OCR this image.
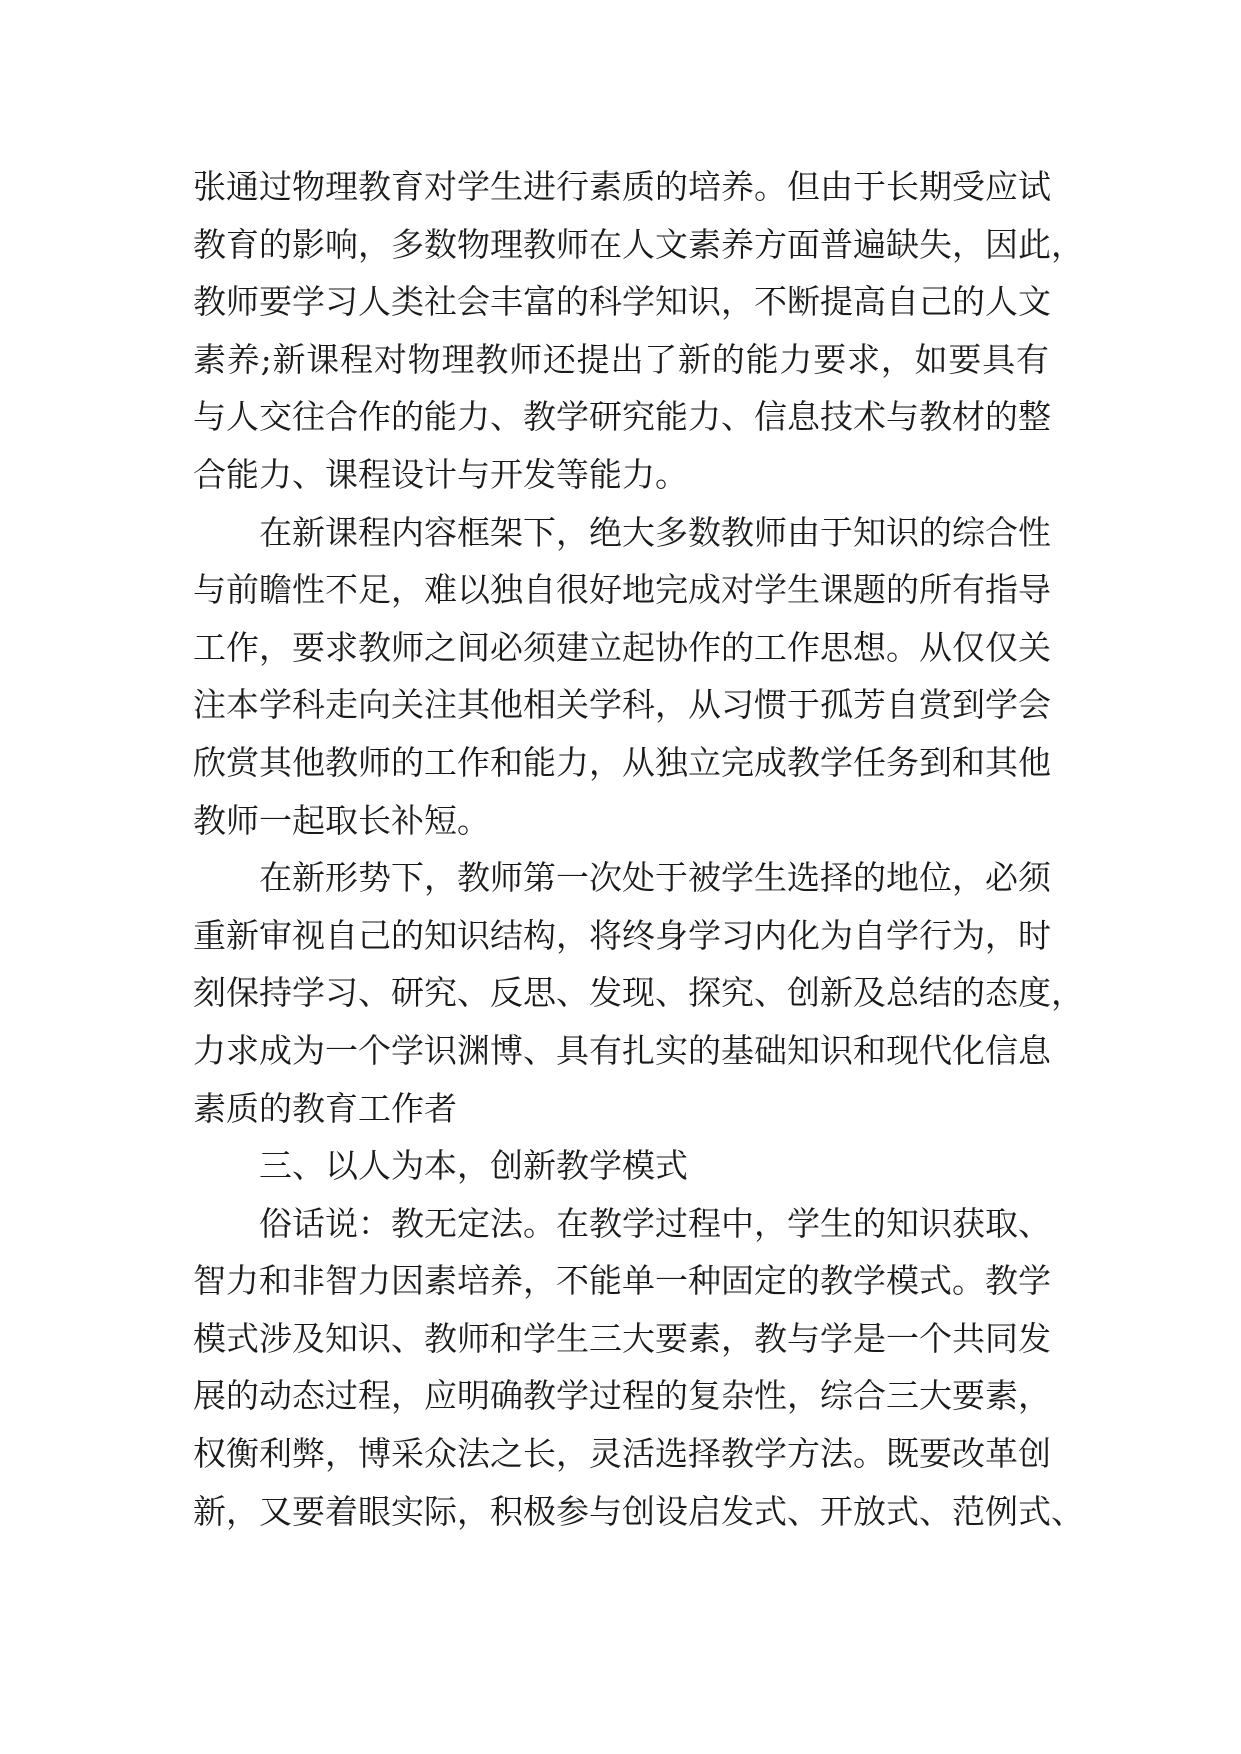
张通过物理教育对学生进行素质的培养。但由于长期受应试
教育的影响，多数物理教师在人文素养方面普遍缺失，因此，
教师要学习人类社会丰富的科学知识，不断提高自己的人文
素养;新课程对物理教师还提出了新的能力要求，如要具有
与人交往合作的能力、教学研究能力、信息技术与教材的整
合能力、课程设计与开发等能力。
在新课程内容框架下，绝大多数教师由于知识的综合性
与前瞻性不足，难以独自很好地完成对学生课题的所有指导
工作，要求教师之间必须建立起协作的工作思想。从仅仅关
注本学科走向关注其他相关学科，从习惯于孤芳自赏到学会
欣赏其他教师的工作和能力，从独立完成教学任务到和其他
教师一起取长补短。
在新形势下，教师第一次处于被学生选择的地位，必须
重新审视自己的知识结构，将终身学习内化为自学行为，时
刻保持学习、研究、反思、发现、探究、创新及总结的态度，
力求成为一个学识渊博、具有扎实的基础知识和现代化信息
素质的教育工作者
三、以人为本，创新教学模式
俗话说：教无定法。在教学过程中，学生的知识获取、
智力和非智力因素培养，不能单一种固定的教学模式。教学
模式涉及知识、教师和学生三大要素，教与学是一个共同发
展的动态过程，应明确教学过程的复杂性，综合三大要素，
权衡利弊，博采众法之长，灵活选择教学方法。既要改革创
新，又要着眼实际，积极参与创设启发式、开放式、范例式、
